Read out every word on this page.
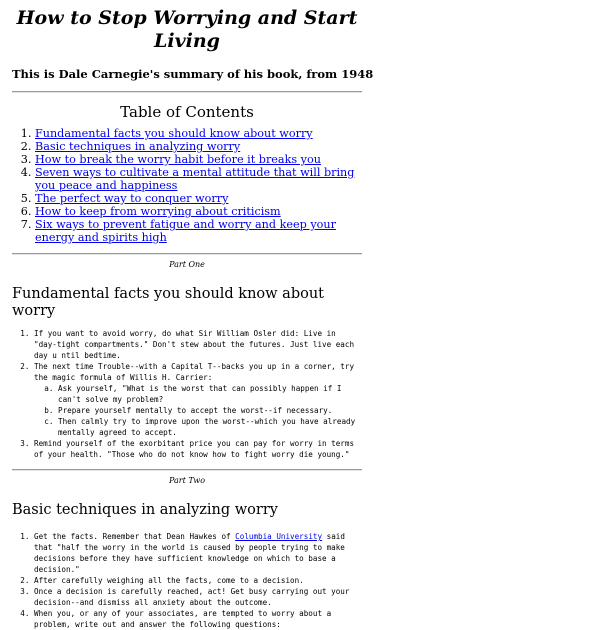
How to Stop Worrying and Start Living
This is Dale Carnegie's summary of his book, from 1948
Table of Contents
1. Fundamental facts you should know about worry
2. Basic techniques in analyzing worry
3. How to break the worry habit before it breaks you
4. Seven ways to cultivate a mental attitude that will bring you peace and happiness
5. The perfect way to conquer worry
6. How to keep from worrying about criticism
7. Six ways to prevent fatigue and worry and keep your energy and spirits high
Part One
Fundamental facts you should know about worry
1. If you want to avoid worry, do what Sir William Osler did: Live in "day-tight compartments." Don't stew about the futures. Just live each day u ntil bedtime.
2. The next time Trouble--with a Capital T--backs you up in a corner, try the magic formula of Willis H. Carrier:
a. Ask yourself, "What is the worst that can possibly happen if I can't solve my problem?
b. Prepare yourself mentally to accept the worst--if necessary.
c. Then calmly try to improve upon the worst--which you have already mentally agreed to accept.
3. Remind yourself of the exorbitant price you can pay for worry in terms of your health. "Those who do not know how to fight worry die young."
Part Two
Basic techniques in analyzing worry
1. Get the facts. Remember that Dean Hawkes of Columbia University said that "half the worry in the world is caused by people trying to make decisions before they have sufficient knowledge on which to base a decision."
2. After carefully weighing all the facts, come to a decision.
3. Once a decision is carefully reached, act! Get busy carrying out your decision--and dismiss all anxiety about the outcome.
4. When you, or any of your associates, are tempted to worry about a problem, write out and answer the following questions:
